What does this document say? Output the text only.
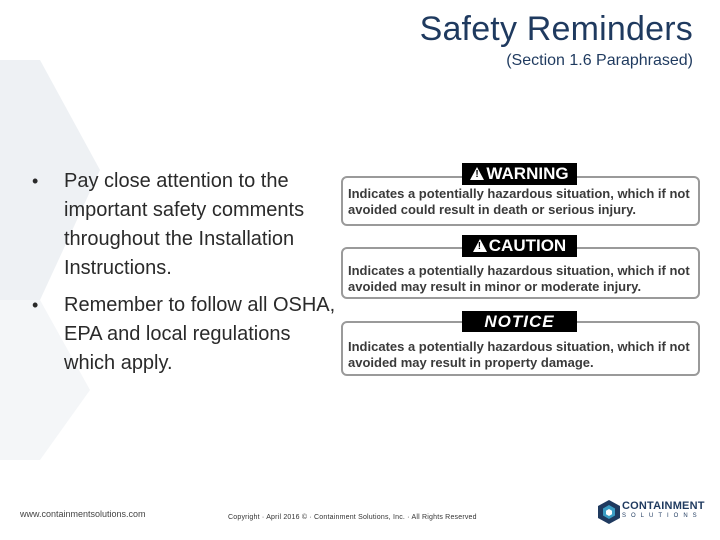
Safety Reminders
(Section 1.6 Paraphrased)
• Pay close attention to the important safety comments throughout the Installation Instructions.
• Remember to follow all OSHA, EPA and local regulations which apply.
Indicates a potentially hazardous situation, which if not avoided could result in death or serious injury.
! WARNING
Indicates a potentially hazardous situation, which if not avoided may result in minor or moderate injury.
! CAUTION
Indicates a potentially hazardous situation, which if not avoided may result in property damage.
NOTICE
www.containmentsolutions.com	Copyright · April 2016 © · Containment Solutions, Inc. · All Rights Reserved
CONTAINMENT
SOLUTIONS
